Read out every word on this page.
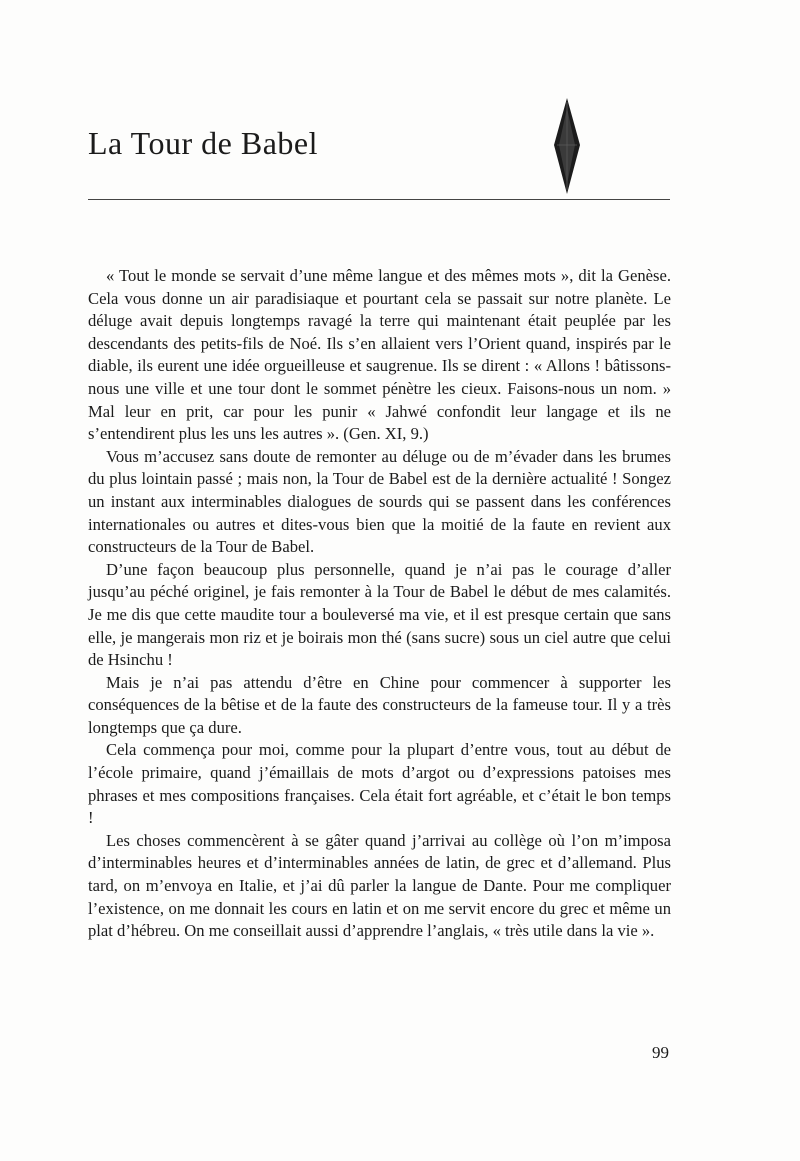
La Tour de Babel

« Tout le monde se servait d’une même langue et des mêmes mots », dit la Genèse. Cela vous donne un air paradisiaque et pourtant cela se passait sur notre planète. Le déluge avait depuis longtemps ravagé la terre qui maintenant était peuplée par les descendants des petits-fils de Noé. Ils s’en allaient vers l’Orient quand, inspirés par le diable, ils eurent une idée orgueilleuse et saugrenue. Ils se dirent : « Allons ! bâtissons-nous une ville et une tour dont le sommet pénètre les cieux. Faisons-nous un nom. » Mal leur en prit, car pour les punir « Jahwé confondit leur langage et ils ne s’entendirent plus les uns les autres ». (Gen. XI, 9.)

Vous m’accusez sans doute de remonter au déluge ou de m’évader dans les brumes du plus lointain passé ; mais non, la Tour de Babel est de la dernière actualité ! Songez un instant aux interminables dialogues de sourds qui se passent dans les conférences internationales ou autres et dites-vous bien que la moitié de la faute en revient aux constructeurs de la Tour de Babel.

D’une façon beaucoup plus personnelle, quand je n’ai pas le courage d’aller jusqu’au péché originel, je fais remonter à la Tour de Babel le début de mes calamités. Je me dis que cette maudite tour a bouleversé ma vie, et il est presque certain que sans elle, je mangerais mon riz et je boirais mon thé (sans sucre) sous un ciel autre que celui de Hsinchu !

Mais je n’ai pas attendu d’être en Chine pour commencer à supporter les conséquences de la bêtise et de la faute des constructeurs de la fameuse tour. Il y a très longtemps que ça dure.

Cela commença pour moi, comme pour la plupart d’entre vous, tout au début de l’école primaire, quand j’émaillais de mots d’argot ou d’expressions patoises mes phrases et mes compositions françaises. Cela était fort agréable, et c’était le bon temps !

Les choses commencèrent à se gâter quand j’arrivai au collège où l’on m’imposa d’interminables heures et d’interminables années de latin, de grec et d’allemand. Plus tard, on m’envoya en Italie, et j’ai dû parler la langue de Dante. Pour me compliquer l’existence, on me donnait les cours en latin et on me servit encore du grec et même un plat d’hébreu. On me conseillait aussi d’apprendre l’anglais, « très utile dans la vie ».

99
